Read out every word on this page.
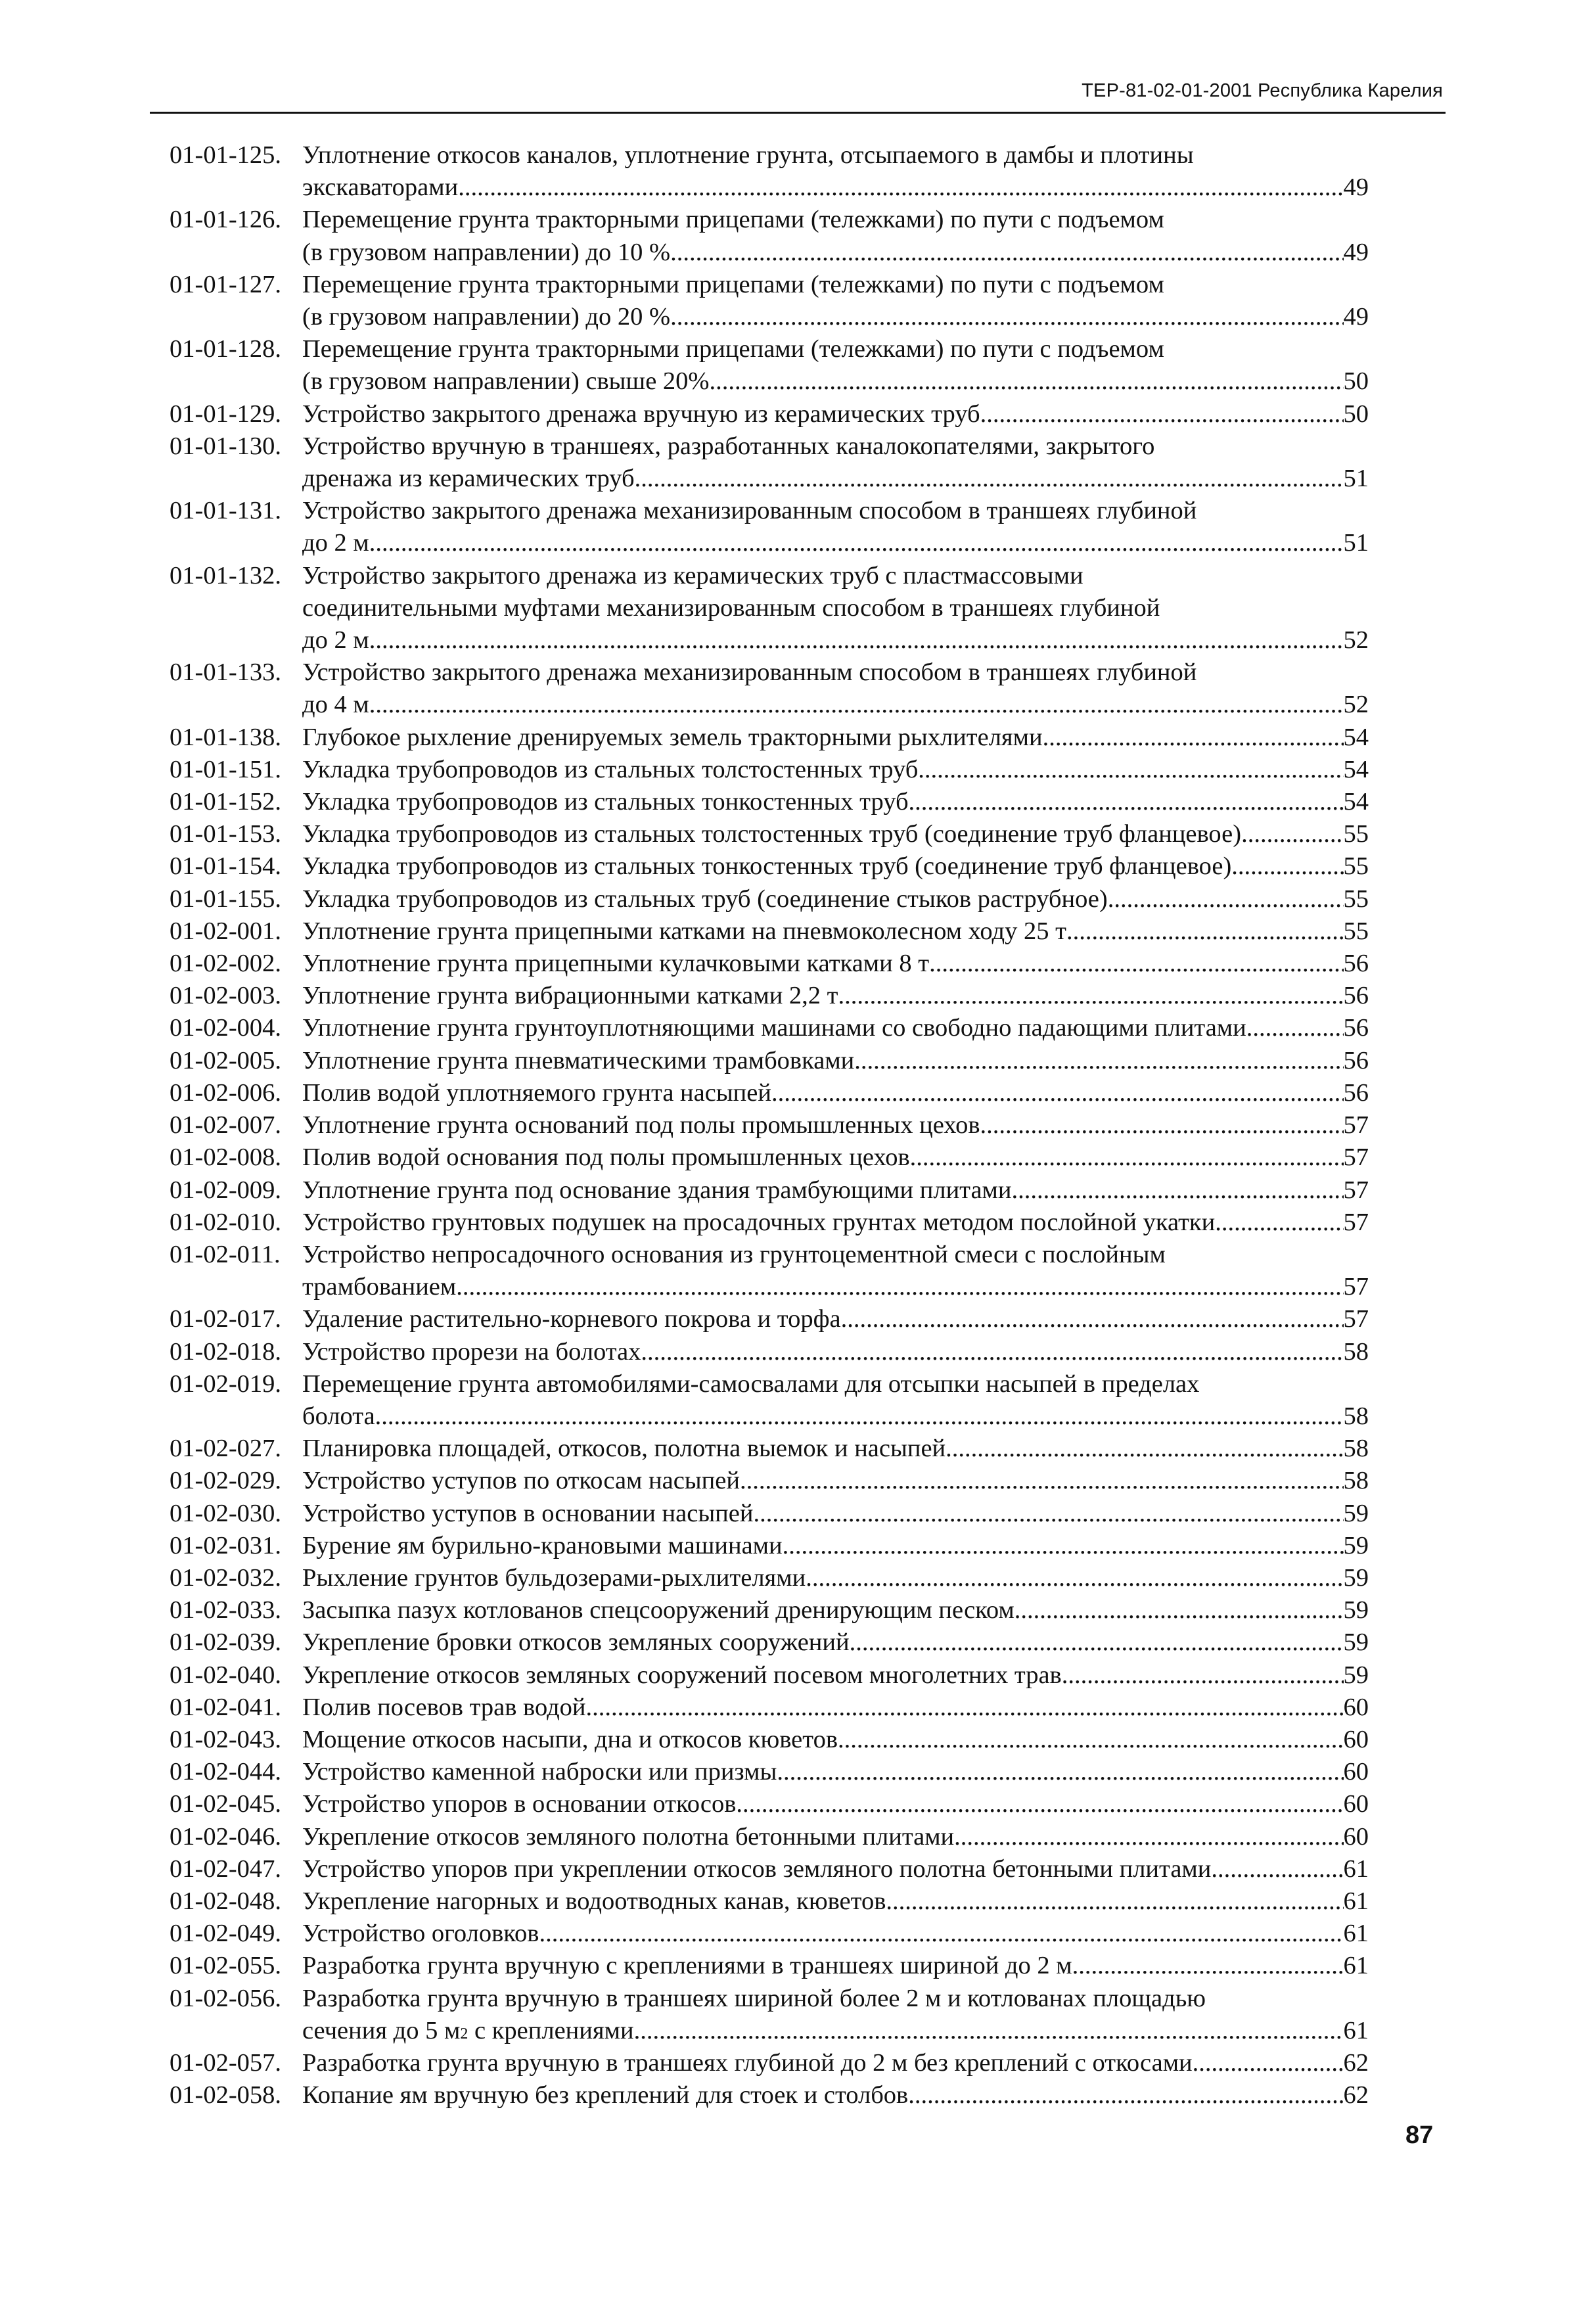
ТЕР-81-02-01-2001 Республика Карелия
01-01-125. Уплотнение откосов каналов, уплотнение грунта, отсыпаемого в дамбы и плотины
экскаваторами .....	49
01-01-126. Перемещение грунта тракторными прицепами (тележками) по пути с подъемом
(в грузовом направлении) до 10 % .....	49
01-01-127. Перемещение грунта тракторными прицепами (тележками) по пути с подъемом
(в грузовом направлении) до 20 % .....	49
01-01-128. Перемещение грунта тракторными прицепами (тележками) по пути с подъемом
(в грузовом направлении) свыше 20% .....	50
01-01-129. Устройство закрытого дренажа вручную из керамических труб .....	50
01-01-130. Устройство вручную в траншеях, разработанных каналокопателями, закрытого
дренажа из керамических труб .....	51
01-01-131. Устройство закрытого дренажа механизированным способом в траншеях глубиной
до 2 м .....	51
01-01-132. Устройство закрытого дренажа из керамических труб с пластмассовыми
соединительными муфтами механизированным способом в траншеях глубиной
до 2 м .....	52
01-01-133. Устройство закрытого дренажа механизированным способом в траншеях глубиной
до 4 м .....	52
01-01-138. Глубокое рыхление дренируемых земель тракторными рыхлителями .....	54
01-01-151. Укладка трубопроводов из стальных толстостенных труб .....	54
01-01-152. Укладка трубопроводов из стальных тонкостенных труб .....	54
01-01-153. Укладка трубопроводов из стальных толстостенных труб (соединение труб фланцевое) .....	55
01-01-154. Укладка трубопроводов из стальных тонкостенных труб (соединение труб фланцевое) .....	55
01-01-155. Укладка трубопроводов из стальных труб (соединение стыков раструбное) .....	55
01-02-001. Уплотнение грунта прицепными катками на пневмоколесном ходу 25 т .....	55
01-02-002. Уплотнение грунта прицепными кулачковыми катками 8 т .....	56
01-02-003. Уплотнение грунта вибрационными катками 2,2 т .....	56
01-02-004. Уплотнение грунта грунтоуплотняющими машинами со свободно падающими плитами .....	56
01-02-005. Уплотнение грунта пневматическими трамбовками .....	56
01-02-006. Полив водой уплотняемого грунта насыпей .....	56
01-02-007. Уплотнение грунта оснований под полы промышленных цехов .....	57
01-02-008. Полив водой основания под полы промышленных цехов .....	57
01-02-009. Уплотнение грунта под основание здания трамбующими плитами .....	57
01-02-010. Устройство грунтовых подушек на просадочных грунтах методом послойной укатки .....	57
01-02-011. Устройство непросадочного основания из грунтоцементной смеси с послойным
трамбованием .....	57
01-02-017. Удаление растительно-корневого покрова и торфа .....	57
01-02-018. Устройство прорези на болотах .....	58
01-02-019. Перемещение грунта автомобилями-самосвалами для отсыпки насыпей в пределах
болота .....	58
01-02-027. Планировка площадей, откосов, полотна выемок и насыпей .....	58
01-02-029. Устройство уступов по откосам насыпей .....	58
01-02-030. Устройство уступов в основании насыпей .....	59
01-02-031. Бурение ям бурильно-крановыми машинами .....	59
01-02-032. Рыхление грунтов бульдозерами-рыхлителями .....	59
01-02-033. Засыпка пазух котлованов спецсооружений дренирующим песком .....	59
01-02-039. Укрепление бровки откосов земляных сооружений .....	59
01-02-040. Укрепление откосов земляных сооружений посевом многолетних трав .....	59
01-02-041. Полив посевов трав водой .....	60
01-02-043. Мощение откосов насыпи, дна и откосов кюветов .....	60
01-02-044. Устройство каменной наброски или призмы .....	60
01-02-045. Устройство упоров в основании откосов .....	60
01-02-046. Укрепление откосов земляного полотна бетонными плитами .....	60
01-02-047. Устройство упоров при укреплении откосов земляного полотна бетонными плитами .....	61
01-02-048. Укрепление нагорных и водоотводных канав, кюветов .....	61
01-02-049. Устройство оголовков .....	61
01-02-055. Разработка грунта вручную с креплениями в траншеях шириной до 2 м .....	61
01-02-056. Разработка грунта вручную в траншеях шириной более 2 м и котлованах площадью
сечения до 5 м 2 с креплениями .....	61
01-02-057. Разработка грунта вручную в траншеях глубиной до 2 м без креплений с откосами .....	62
01-02-058. Копание ям вручную без креплений для стоек и столбов .....	62
87
